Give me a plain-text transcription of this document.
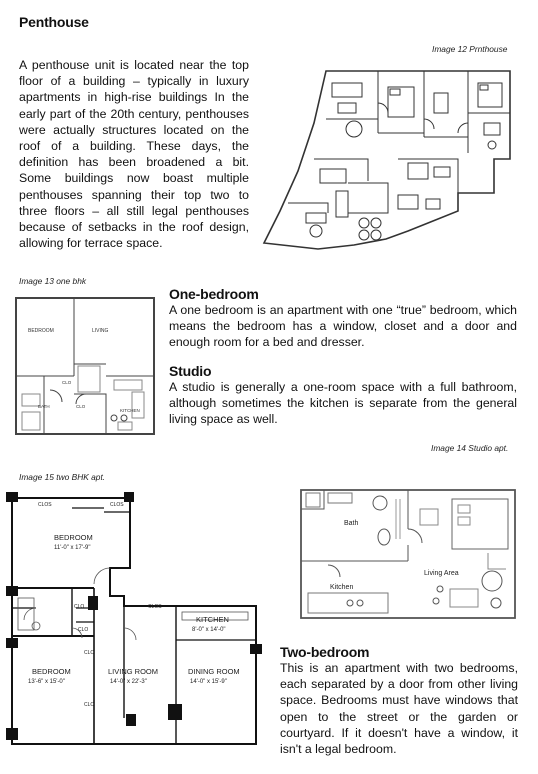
Penthouse
Image 12 Prnthouse
A penthouse unit is located near the top floor of a building – typically in luxury apartments in high-rise buildings In the early part of the 20th century, penthouses were actually structures located on the roof of a building. These days, the definition has been broadened a bit. Some buildings now boast multiple penthouses spanning their top two to three floors – all still legal penthouses because of setbacks in the roof design, allowing for terrace space.
Image 13 one bhk
BEDROOM	LIVING
CLO
BATH	CLO
KITCHEN
One-bedroom
A one bedroom is an apartment with one “true” bedroom, which means the bedroom has a window, closet and a door and enough room for a bed and dresser.
Studio
A studio is generally a one-room space with a full bathroom, although sometimes the kitchen is separate from the general living space as well.
Image 14 Studio apt.
Bath
Kitchen
Living Area
Image 15 two BHK apt.
CLOS	CLOS
BEDROOM
11'-0" x 17'-9"
CLOS
CLO
CLO
KITCHEN
8'-0" x 14'-0"
BEDROOM
13'-6" x 15'-0"
LIVING ROOM
14'-0" x 22'-3"
DINING ROOM
14'-0" x 15'-9"
CLO
CLO
Two-bedroom
This is an apartment with two bedrooms, each separated by a door from other living space. Bedrooms must have windows that open to the street or the garden or courtyard. If it doesn't have a window, it isn't a legal bedroom.
